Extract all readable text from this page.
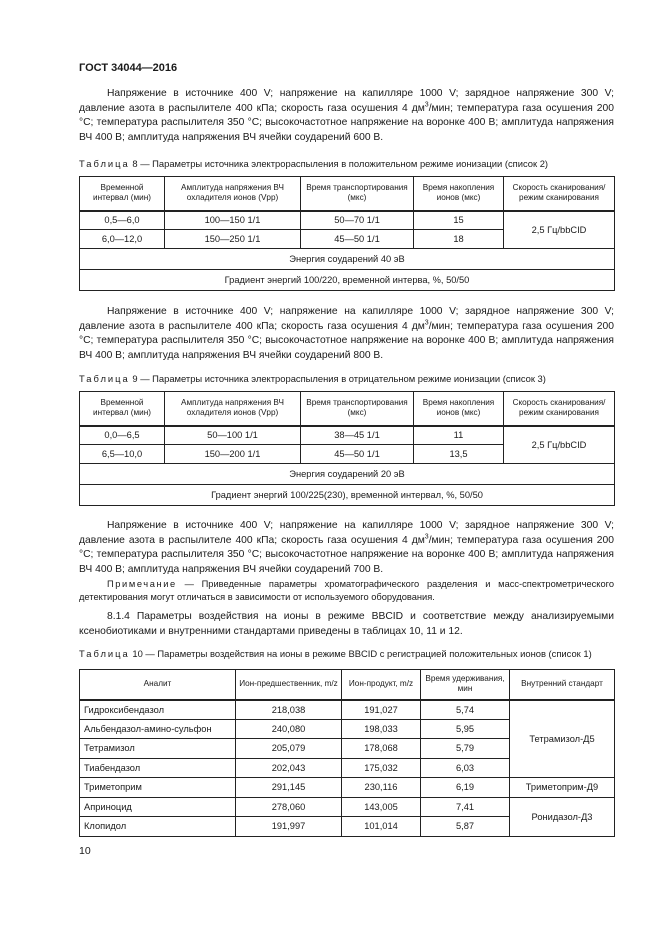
ГОСТ 34044—2016
Напряжение в источнике 400 V; напряжение на капилляре 1000 V; зарядное напряжение 300 V; давление азота в распылителе 400 кПа; скорость газа осушения 4 $дм^3$/мин; температура газа осушения 200 °С; температура распылителя 350 °С; высокочастотное напряжение на воронке 400 В; амплитуда напряжения ВЧ 400 В; амплитуда напряжения ВЧ ячейки соударений 600 В.
Таблица 8 — Параметры источника электрораспыления в положительном режиме ионизации (список 2)
Временной интервал (мин)	Амплитуда напряжения ВЧ охладителя ионов (Vpp)	Время транспортирования (мкс)	Время накопления ионов (мкс)	Скорость сканирования/ режим сканирования
0,5—6,0	100—150 1/1	50—70 1/1	15	2,5 Гц/bbCID
6,0—12,0	150—250 1/1	45—50 1/1	18	
Энергия соударений 40 эВ				
Градиент энергий 100/220, временной интерва, %, 50/50				
Напряжение в источнике 400 V; напряжение на капилляре 1000 V; зарядное напряжение 300 V; давление азота в распылителе 400 кПа; скорость газа осушения 4 $дм^3$/мин; температура газа осушения 200 °С; температура распылителя 350 °С; высокочастотное напряжение на воронке 400 В; амплитуда напряжения ВЧ 400 В; амплитуда напряжения ВЧ ячейки соударений 800 В.
Таблица 9 — Параметры источника электрораспыления в отрицательном режиме ионизации (список 3)
Временной интервал (мин)	Амплитуда напряжения ВЧ охладителя ионов (Vpp)	Время транспортирования (мкс)	Время накопления ионов (мкс)	Скорость сканирования/ режим сканирования
0,0—6,5	50—100 1/1	38—45 1/1	11	2,5 Гц/bbCID
6,5—10,0	150—200 1/1	45—50 1/1	13,5	
Энергия соударений 20 эВ				
Градиент энергий 100/225(230), временной интервал, %, 50/50				
Напряжение в источнике 400 V; напряжение на капилляре 1000 V; зарядное напряжение 300 V; давление азота в распылителе 400 кПа; скорость газа осушения 4 $дм^3$/мин; температура газа осушения 200 °С; температура распылителя 350 °С; высокочастотное напряжение на воронке 400 В; амплитуда напряжения ВЧ 400 В; амплитуда напряжения ВЧ ячейки соударений 700 В.
Примечание — Приведенные параметры хроматографического разделения и масс-спектрометрического детектирования могут отличаться в зависимости от используемого оборудования.
8.1.4 Параметры воздействия на ионы в режиме BBCID и соответствие между анализируемыми ксенобиотиками и внутренними стандартами приведены в таблицах 10, 11 и 12.
Таблица 10 — Параметры воздействия на ионы в режиме BBCID с регистрацией положительных ионов (список 1)
Аналит	Ион-предшественник, m/z	Ион-продукт, m/z	Время удерживания, мин	Внутренний стандарт
Гидроксибендазол	218,038	191,027	5,74	Тетрамизол-Д5
Альбендазол-амино-сульфон	240,080	198,033	5,95	
Тетрамизол	205,079	178,068	5,79	
Тиабендазол	202,043	175,032	6,03	
Триметоприм	291,145	230,116	6,19	Триметоприм-Д9
Априноцид	278,060	143,005	7,41	Ронидазол-Д3
Клопидол	191,997	101,014	5,87	
10
